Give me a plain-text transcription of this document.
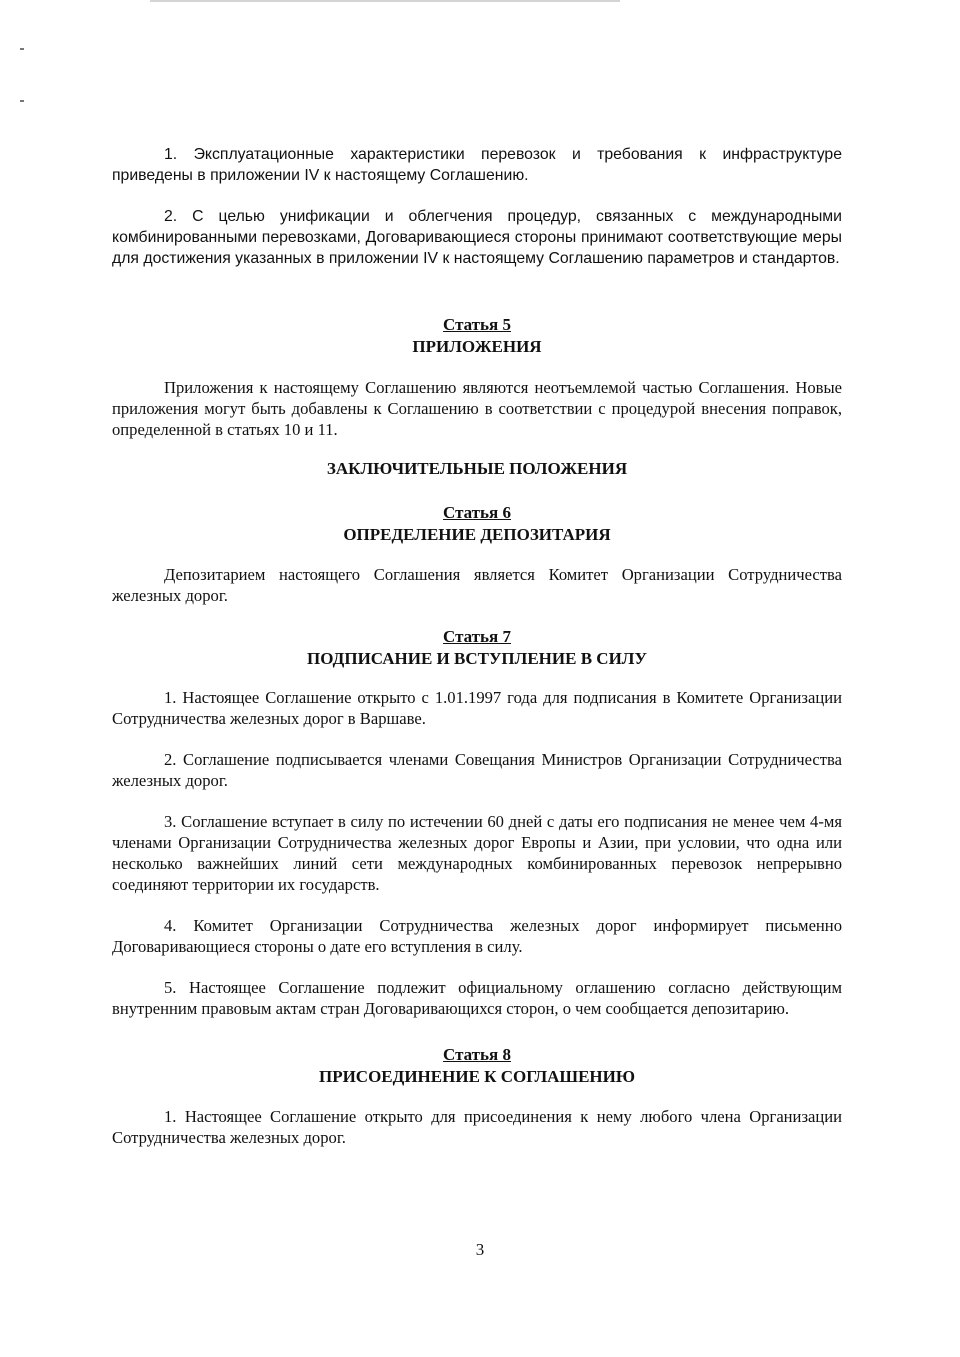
1. Эксплуатационные характеристики перевозок и требования к инфраструктуре приведены в приложении IV к настоящему Соглашению.

2. С целью унификации и облегчения процедур, связанных с международными комбинированными перевозками, Договаривающиеся стороны принимают соответствующие меры для достижения указанных в приложении IV к настоящему Соглашению параметров и стандартов.

Статья 5
ПРИЛОЖЕНИЯ

Приложения к настоящему Соглашению являются неотъемлемой частью Соглашения. Новые приложения могут быть добавлены к Соглашению в соответствии с процедурой внесения поправок, определенной в статьях 10 и 11.

ЗАКЛЮЧИТЕЛЬНЫЕ ПОЛОЖЕНИЯ
Статья 6
ОПРЕДЕЛЕНИЕ ДЕПОЗИТАРИЯ

Депозитарием настоящего Соглашения является Комитет Организации Сотрудничества железных дорог.

Статья 7
ПОДПИСАНИЕ И ВСТУПЛЕНИЕ В СИЛУ

1. Настоящее Соглашение открыто с 1.01.1997 года для подписания в Комитете Организации Сотрудничества железных дорог в Варшаве.

2. Соглашение подписывается членами Совещания Министров Организации Сотрудничества железных дорог.

3. Соглашение вступает в силу по истечении 60 дней с даты его подписания не менее чем 4-мя членами Организации Сотрудничества железных дорог Европы и Азии, при условии, что одна или несколько важнейших линий сети международных комбинированных перевозок непрерывно соединяют территории их государств.

4. Комитет Организации Сотрудничества железных дорог информирует письменно Договаривающиеся стороны о дате его вступления в силу.

5. Настоящее Соглашение подлежит официальному оглашению согласно действующим внутренним правовым актам стран Договаривающихся сторон, о чем сообщается депозитарию.

Статья 8
ПРИСОЕДИНЕНИЕ К СОГЛАШЕНИЮ

1. Настоящее Соглашение открыто для присоединения к нему любого члена Организации Сотрудничества железных дорог.

3
